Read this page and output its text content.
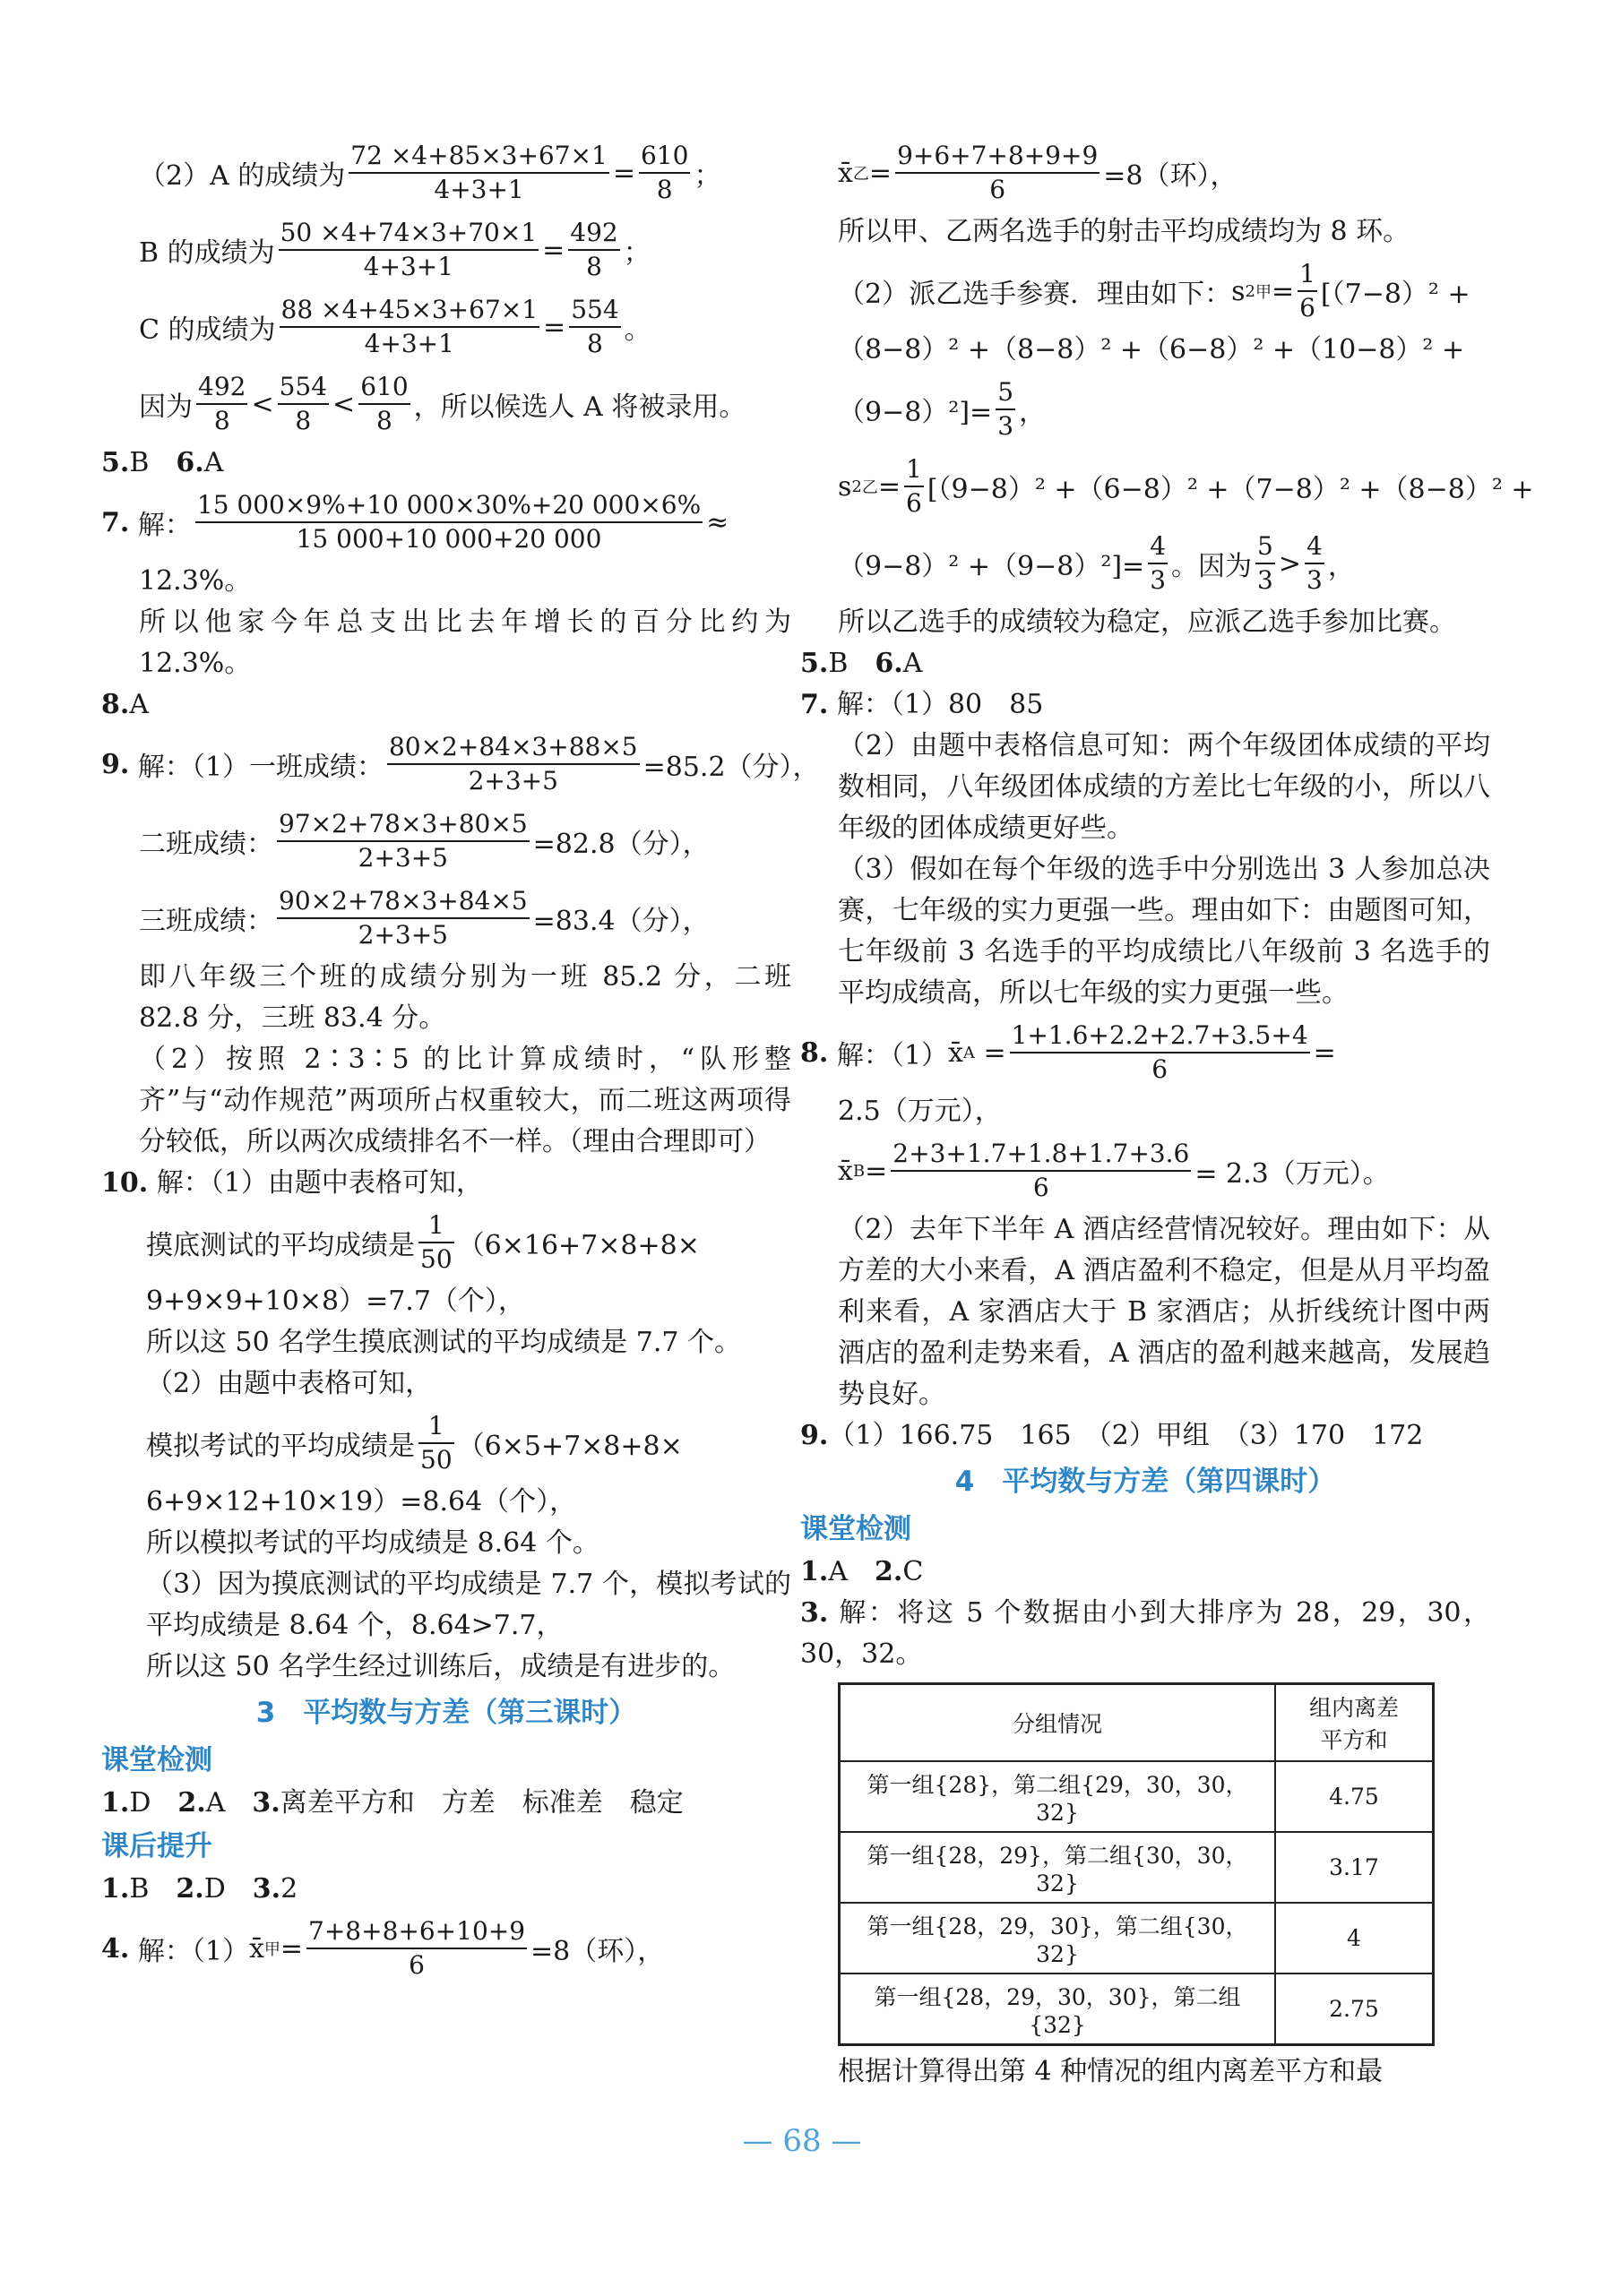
（2）A 的成绩为 $\frac{72 \times 4+85\times 3+67\times 1}{4+3+1} = \frac{610}{8}$ ；
B 的成绩为 $\frac{50 \times 4+74\times 3+70\times 1}{4+3+1} = \frac{492}{8}$ ；
C 的成绩为 $\frac{88 \times 4+45\times 3+67\times 1}{4+3+1} = \frac{554}{8}$ 。
因为 $\frac{492}{8} < \frac{554}{8} < \frac{610}{8}$ ，所以候选人 A 将被录用。
5.B　 6.A
7.
解： $\frac{15 000\times 9\%+10 000\times 30\%+20 000\times 6\%}{15 000+10 000+20 000}$ ≈
12.3%。
所以他家今年总支出比去年增长的百分比约为 12.3%。
8.A
9.
解：（1）一班成绩： $\frac{80\times 2+84\times 3+88\times 5}{2+3+5} =85.2$（分），
二班成绩： $\frac{97\times 2+78\times 3+80\times 5}{2+3+5} =82.8$（分），
三班成绩： $\frac{90\times 2+78\times 3+84\times 5}{2+3+5} =83.4$（分），
即八年级三个班的成绩分别为一班 85.2 分，二班 82.8 分，三班 83.4 分。
（2）按照 2∶3∶5 的比计算成绩时，“队形整齐”与“动作规范”两项所占权重较大，而二班这两项得分较低，所以两次成绩排名不一样。（理由合理即可）
10. 解：（1）由题中表格可知，
摸底测试的平均成绩是 $\frac{1}{50} (6\times 16+7\times 8+8\times$
9+9×9+10×8）=7.7（个），
所以这 50 名学生摸底测试的平均成绩是 7.7 个。
（2）由题中表格可知，
模拟考试的平均成绩是 $\frac{1}{50} (6\times 5+7\times 8+8\times$
6+9×12+10×19）=8.64（个），
所以模拟考试的平均成绩是 8.64 个。
（3）因为摸底测试的平均成绩是 7.7 个，模拟考试的平均成绩是 8.64 个，8.64>7.7，
所以这 50 名学生经过训练后，成绩是有进步的。
3　平均数与方差（第三课时）
课堂检测
1.D　 2.A　 3.离差平方和　方差　标准差　稳定
课后提升
1.B　 2.D　 3.2
4.
解：（1） x̄ 甲 = $\frac{7+8+8+6+10+9}{6} =8$（环），
x̄ 乙 = $\frac{9+6+7+8+9+9}{6} =8$（环），
所以甲、乙两名选手的射击平均成绩均为 8 环。
（2）派乙选手参赛．理由如下： s 2 甲 = $\frac{1}{6} [(7-8)^2$ +
（8−8）² +（8−8）² +（6−8）² +（10−8）² +
$(9-8)^2]= \frac{5}{3}$ ，
s 2 乙 = $\frac{1}{6} [(9-8)^2 +(6-8)^2 +(7-8)^2 +(8-8)^2$ +
$(9-8)^2 +(9-8)^2]= \frac{4}{3}$ 。因为 $\frac{5}{3} > \frac{4}{3}$ ，
所以乙选手的成绩较为稳定，应派乙选手参加比赛。
5.B　 6.A
7. 解：（1）80　85
（2）由题中表格信息可知：两个年级团体成绩的平均数相同，八年级团体成绩的方差比七年级的小，所以八年级的团体成绩更好些。
（3）假如在每个年级的选手中分别选出 3 人参加总决赛，七年级的实力更强一些。理由如下：由题图可知，七年级前 3 名选手的平均成绩比八年级前 3 名选手的平均成绩高，所以七年级的实力更强一些。
8.
解：（1） x̄ A
= $\frac{1+1.6+2.2+2.7+3.5+4}{6}$ =
2.5（万元），
x̄ $B = \frac{2+3+1.7+1.8+1.7+3.6}{6} = 2.3$（万元）。
（2）去年下半年 A 酒店经营情况较好。理由如下：从方差的大小来看，A 酒店盈利不稳定，但是从月平均盈利来看，A 家酒店大于 B 家酒店；从折线统计图中两酒店的盈利走势来看，A 酒店的盈利越来越高，发展趋势良好。
9.（1）166.75　165　（2）甲组　（3）170　172
4　平均数与方差（第四课时）
课堂检测
1.A　 2.C
3. 解：将这 5 个数据由小到大排序为 28，29，30，30，32。
分组情况	组内离差
平方和
第一组{28}，第二组{29，30，30，32}	4.75
第一组{28，29}，第二组{30，30，32}	3.17
第一组{28，29，30}，第二组{30，32}	4
第一组{28，29，30，30}，第二组{32}	2.75
根据计算得出第 4 种情况的组内离差平方和最
— 68 —
